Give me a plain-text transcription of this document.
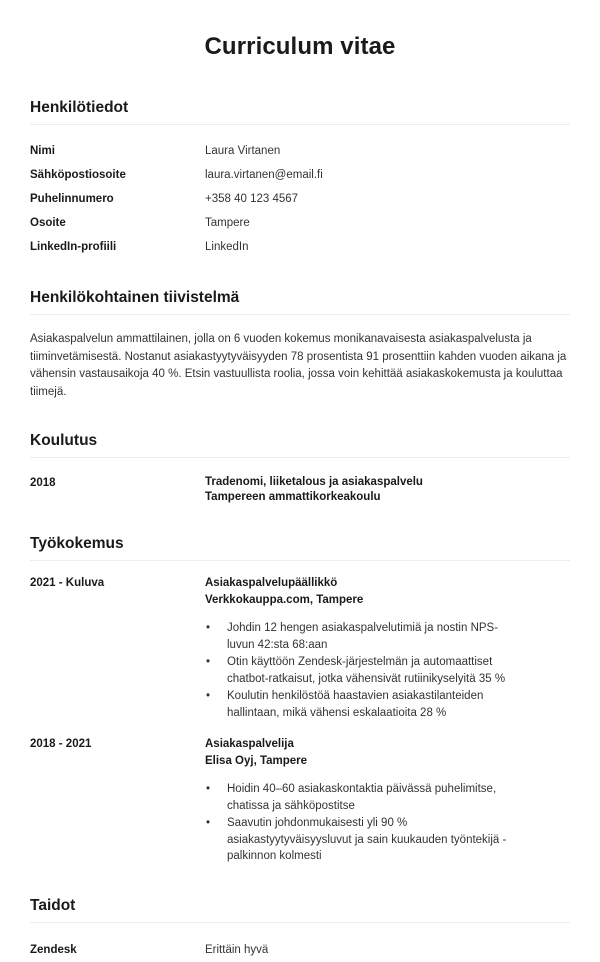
Curriculum vitae
Henkilötiedot
Nimi	Laura Virtanen
Sähköpostiosoite	laura.virtanen@email.fi
Puhelinnumero	+358 40 123 4567
Osoite	Tampere
LinkedIn-profiili	LinkedIn
Henkilökohtainen tiivistelmä

Asiakaspalvelun ammattilainen, jolla on 6 vuoden kokemus monikanavaisesta asiakaspalvelusta ja tiiminvetämisestä. Nostanut asiakastyytyväisyyden 78 prosentista 91 prosenttiin kahden vuoden aikana ja vähensin vastausaikoja 40 %. Etsin vastuullista roolia, jossa voin kehittää asiakaskokemusta ja kouluttaa tiimejä.

Koulutus
2018	Tradenomi, liiketalous ja asiakaspalvelu
Tampereen ammattikorkeakoulu
Työkokemus
2021 - Kuluva	Asiakaspalvelupäällikkö
Verkkokauppa.com, Tampere
• Johdin 12 hengen asiakaspalvelutimiä ja nostin NPS-luvun 42:sta 68:aan
• Otin käyttöön Zendesk-järjestelmän ja automaattiset chatbot-ratkaisut, jotka vähensivät rutiinikyselyitä 35 %
• Koulutin henkilöstöä haastavien asiakastilanteiden hallintaan, mikä vähensi eskalaatioita 28 %
2018 - 2021	Asiakaspalvelija
Elisa Oyj, Tampere
• Hoidin 40–60 asiakaskontaktia päivässä puhelimitse, chatissa ja sähköpostitse
• Saavutin johdonmukaisesti yli 90 % asiakastyytyväisyysluvut ja sain kuukauden työntekijä -palkinnon kolmesti
Taidot
Zendesk	Erittäin hyvä
